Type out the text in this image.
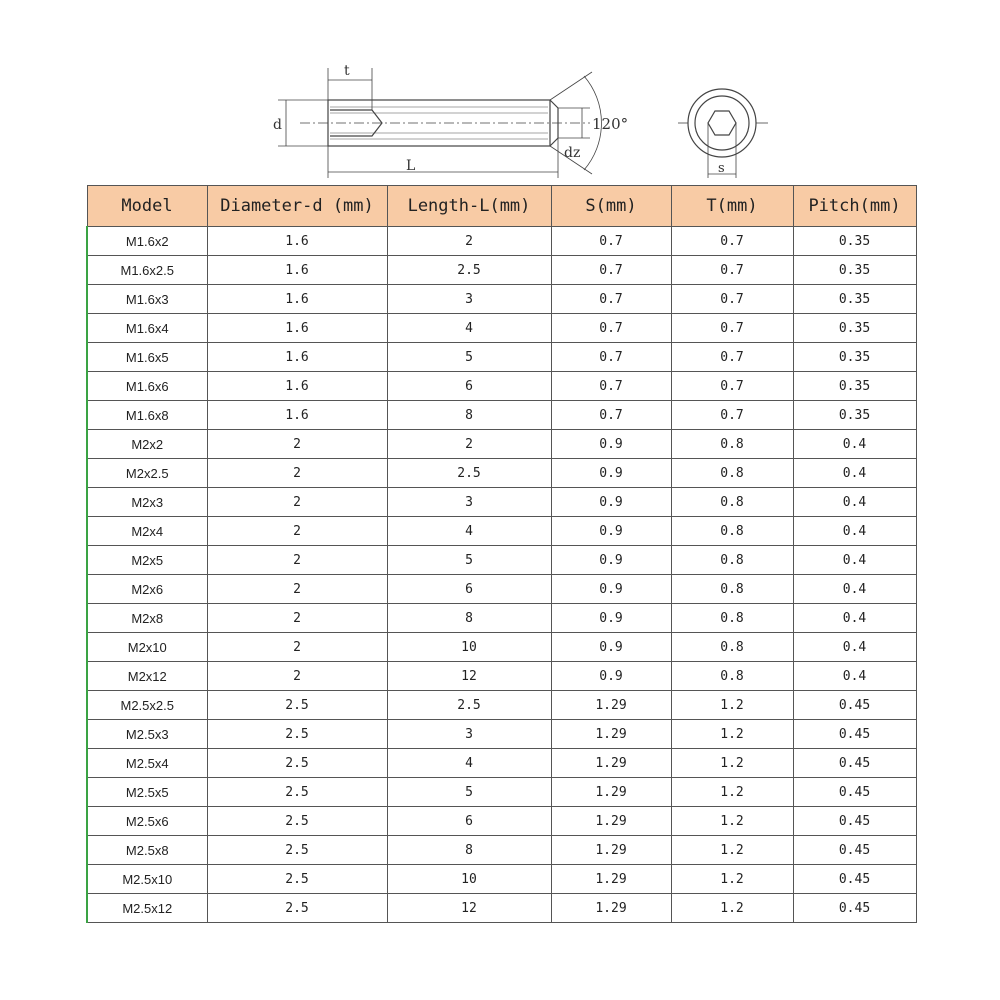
t
d
L
dz
120°
s
Model	Diameter-d (mm)	Length-L(mm)	S(mm)	T(mm)	Pitch(mm)
M1.6x2	1.6	2	0.7	0.7	0.35
M1.6x2.5	1.6	2.5	0.7	0.7	0.35
M1.6x3	1.6	3	0.7	0.7	0.35
M1.6x4	1.6	4	0.7	0.7	0.35
M1.6x5	1.6	5	0.7	0.7	0.35
M1.6x6	1.6	6	0.7	0.7	0.35
M1.6x8	1.6	8	0.7	0.7	0.35
M2x2	2	2	0.9	0.8	0.4
M2x2.5	2	2.5	0.9	0.8	0.4
M2x3	2	3	0.9	0.8	0.4
M2x4	2	4	0.9	0.8	0.4
M2x5	2	5	0.9	0.8	0.4
M2x6	2	6	0.9	0.8	0.4
M2x8	2	8	0.9	0.8	0.4
M2x10	2	10	0.9	0.8	0.4
M2x12	2	12	0.9	0.8	0.4
M2.5x2.5	2.5	2.5	1.29	1.2	0.45
M2.5x3	2.5	3	1.29	1.2	0.45
M2.5x4	2.5	4	1.29	1.2	0.45
M2.5x5	2.5	5	1.29	1.2	0.45
M2.5x6	2.5	6	1.29	1.2	0.45
M2.5x8	2.5	8	1.29	1.2	0.45
M2.5x10	2.5	10	1.29	1.2	0.45
M2.5x12	2.5	12	1.29	1.2	0.45
